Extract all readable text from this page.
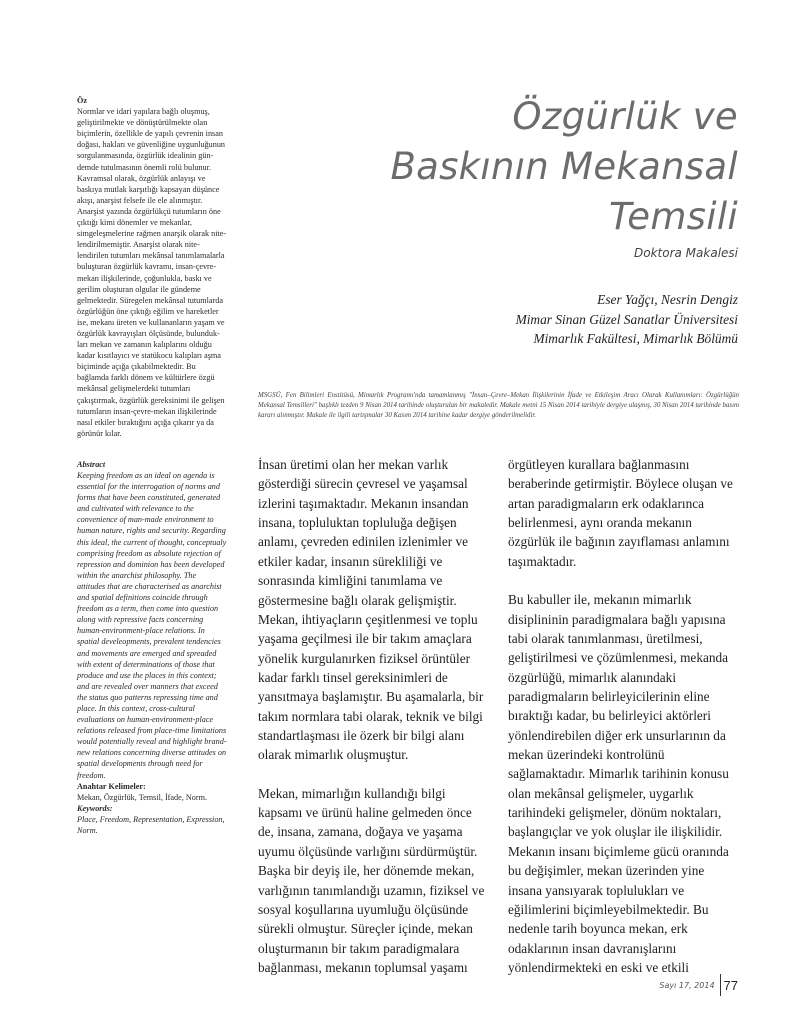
Öz

Normlar ve idari yapılara bağlı oluşmuş,
geliştirilmekte ve dönüştürülmekte olan
biçimlerin, özellikle de yapılı çevrenin insan
doğası, hakları ve güvenliğine uygunluğunun
sorgulanmasında, özgürlük idealinin gün-
demde tutulmasının önemli rolü bulunur.
Kavramsal olarak, özgürlük anlayışı ve
baskıya mutlak karşıtlığı kapsayan düşünce
akışı, anarşist felsefe ile ele alınmıştır.
Anarşist yazında özgürlükçü tutumların öne
çıktığı kimi dönemler ve mekanlar,
simgeleşmelerine rağmen anarşik olarak nite-
lendirilmemiştir. Anarşist olarak nite-
lendirilen tutumları mekânsal tanımlamalarla
buluşturan özgürlük kavramı, insan-çevre-
mekan ilişkilerinde, çoğunlukla, baskı ve
gerilim oluşturan olgular ile gündeme
gelmektedir. Süregelen mekânsal tutumlarda
özgürlüğün öne çıktığı eğilim ve hareketler
ise, mekanı üreten ve kullananların yaşam ve
özgürlük kavrayışları ölçüsünde, bulunduk-
ları mekan ve zamanın kalıplarını olduğu
kadar kısıtlayıcı ve statükocu kalıpları aşma
biçiminde açığa çıkabilmektedir. Bu
bağlamda farklı dönem ve kültürlere özgü
mekânsal gelişmelerdeki tutumları
çakıştırmak, özgürlük gereksinimi ile gelişen
tutumların insan-çevre-mekan ilişkilerinde
nasıl etkiler bıraktığını açığa çıkarır ya da
görünür kılar.

Abstract

Keeping freedom as an ideal on agenda is
essential for the interrogation of norms and
forms that have been constituted, generated
and cultivated with relevance to the
convenience of man-made environment to
human nature, rights and security. Regarding
this ideal, the current of thought, conceptualy
comprising freedom as absolute rejection of
repression and dominion has been developed
within the anarchist philosophy. The
attitudes that are characterised as anarchist
and spatial definitions coincide through
freedom as a term, then come into question
along with repressive facts concerning
human-environment-place relations. In
spatial develeopments, prevalent tendencies
and movements are emerged and spreaded
with extent of determinations of those that
produce and use the places in this context;
and are revealed over manners that exceed
the status quo patterns repressing time and
place. In this context, cross-cultural
evaluations on human-environment-place
relations released from place-time limitations
would potentially reveal and highlight brand-
new relations concerning diverse attitudes on
spatial developments through need for
freedom.

Anahtar Kelimeler:

Mekan, Özgürlük, Temsil, İfade, Norm.

Keywords:

Place, Freedom, Representation, Expression,
Norm.
Özgürlük ve
Baskının Mekansal
Temsili
Doktora Makalesi
Eser Yağçı, Nesrin Dengiz
Mimar Sinan Güzel Sanatlar Üniversitesi
Mimarlık Fakültesi, Mimarlık Bölümü
MSGSÜ, Fen Bilimleri Enstitüsü, Mimarlık Programı'nda tamamlanmış "İnsan–Çevre–Mekan İlişkilerinin İfade ve Etkileşim Aracı Olarak Kullanımları: Özgürlüğün Mekansal Temsilleri" başlıklı tezden 9 Nisan 2014 tarihinde oluşturulan bir makaledir. Makale metni 15 Nisan 2014 tarihiyle dergiye ulaşmış, 30 Nisan 2014 tarihinde basım kararı alınmıştır. Makale ile ilgili tartışmalar 30 Kasım 2014 tarihine kadar dergiye gönderilmelidir.
İnsan üretimi olan her mekan varlık
gösterdiği sürecin çevresel ve yaşamsal
izlerini taşımaktadır. Mekanın insandan
insana, topluluktan topluluğa değişen
anlamı, çevreden edinilen izlenimler ve
etkiler kadar, insanın sürekliliği ve
sonrasında kimliğini tanımlama ve
göstermesine bağlı olarak gelişmiştir.
Mekan, ihtiyaçların çeşitlenmesi ve toplu
yaşama geçilmesi ile bir takım amaçlara
yönelik kurgulanırken fiziksel örüntüler
kadar farklı tinsel gereksinimleri de
yansıtmaya başlamıştır. Bu aşamalarla, bir
takım normlara tabi olarak, teknik ve bilgi
standartlaşması ile özerk bir bilgi alanı
olarak mimarlık oluşmuştur.
Mekan, mimarlığın kullandığı bilgi
kapsamı ve ürünü haline gelmeden önce
de, insana, zamana, doğaya ve yaşama
uyumu ölçüsünde varlığını sürdürmüştür.
Başka bir deyiş ile, her dönemde mekan,
varlığının tanımlandığı uzamın, fiziksel ve
sosyal koşullarına uyumluğu ölçüsünde
sürekli olmuştur. Süreçler içinde, mekan
oluşturmanın bir takım paradigmalara
bağlanması, mekanın toplumsal yaşamı
örgütleyen kurallara bağlanmasını
beraberinde getirmiştir. Böylece oluşan ve
artan paradigmaların erk odaklarınca
belirlenmesi, aynı oranda mekanın
özgürlük ile bağının zayıflaması anlamını
taşımaktadır.
Bu kabuller ile, mekanın mimarlık
disiplininin paradigmalara bağlı yapısına
tabi olarak tanımlanması, üretilmesi,
geliştirilmesi ve çözümlenmesi, mekanda
özgürlüğü, mimarlık alanındaki
paradigmaların belirleyicilerinin eline
bıraktığı kadar, bu belirleyici aktörleri
yönlendirebilen diğer erk unsurlarının da
mekan üzerindeki kontrolünü
sağlamaktadır. Mimarlık tarihinin konusu
olan mekânsal gelişmeler, uygarlık
tarihindeki gelişmeler, dönüm noktaları,
başlangıçlar ve yok oluşlar ile ilişkilidir.
Mekanın insanı biçimleme gücü oranında
bu değişimler, mekan üzerinden yine
insana yansıyarak toplulukları ve
eğilimlerini biçimleyebilmektedir. Bu
nedenle tarih boyunca mekan, erk
odaklarının insan davranışlarını
yönlendirmekteki en eski ve etkili
Sayı 17, 2014 77
